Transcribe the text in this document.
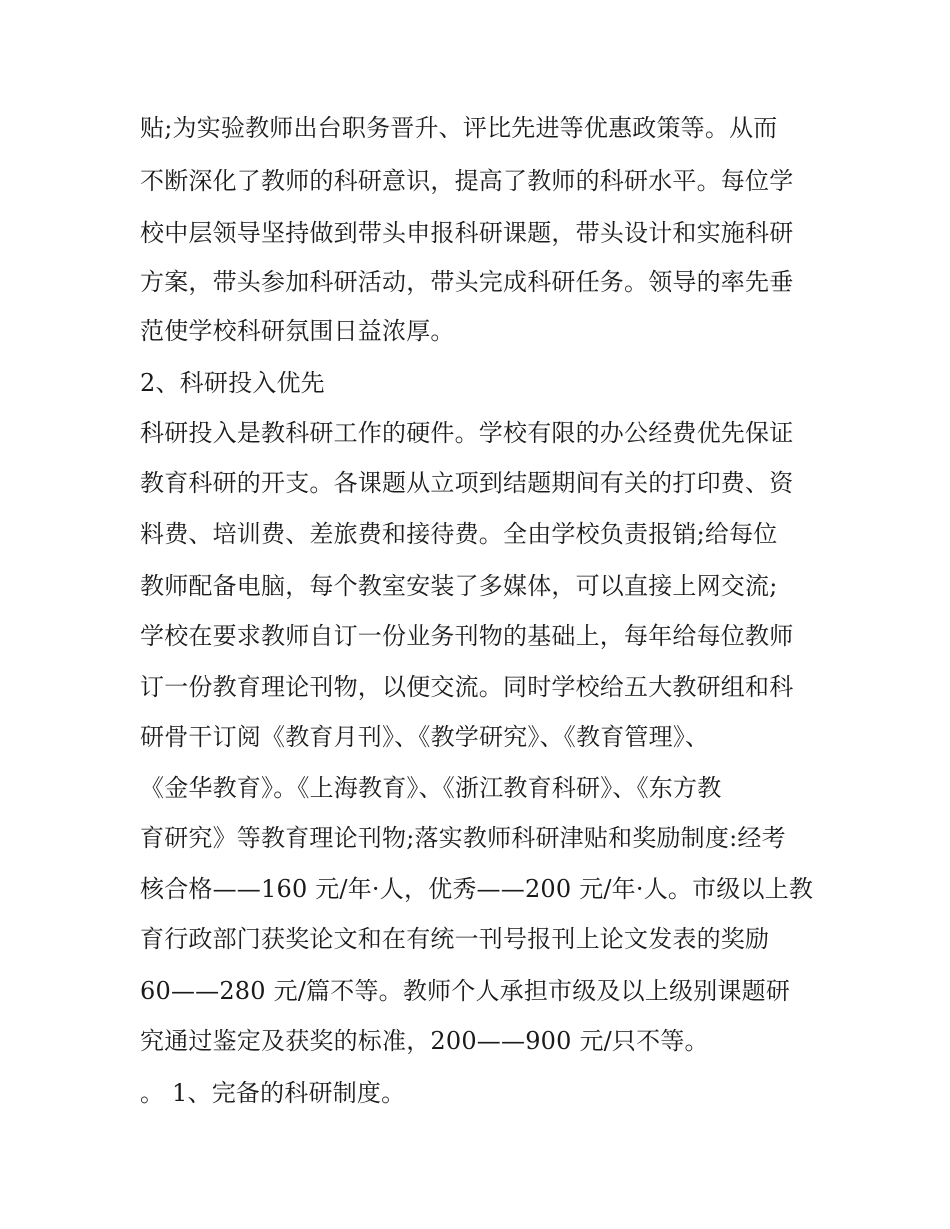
贴;为实验教师出台职务晋升、评比先进等优惠政策等。从而
不断深化了教师的科研意识，提高了教师的科研水平。每位学
校中层领导坚持做到带头申报科研课题，带头设计和实施科研
方案，带头参加科研活动，带头完成科研任务。领导的率先垂
范使学校科研氛围日益浓厚。
2、科研投入优先
科研投入是教科研工作的硬件。学校有限的办公经费优先保证
教育科研的开支。各课题从立项到结题期间有关的打印费、资
料费、培训费、差旅费和接待费。全由学校负责报销;给每位
教师配备电脑，每个教室安装了多媒体，可以直接上网交流;
学校在要求教师自订一份业务刊物的基础上，每年给每位教师
订一份教育理论刊物，以便交流。同时学校给五大教研组和科
研骨干订阅《教育月刊》、《教学研究》、《教育管理》、
《金华教育》。《上海教育》、《浙江教育科研》、《东方教
育研究》等教育理论刊物;落实教师科研津贴和奖励制度:经考
核合格——160 元/年·人，优秀——200 元/年·人。市级以上教
育行政部门获奖论文和在有统一刊号报刊上论文发表的奖励
60——280 元/篇不等。教师个人承担市级及以上级别课题研
究通过鉴定及获奖的标准，200——900 元/只不等。
。 1、完备的科研制度。
